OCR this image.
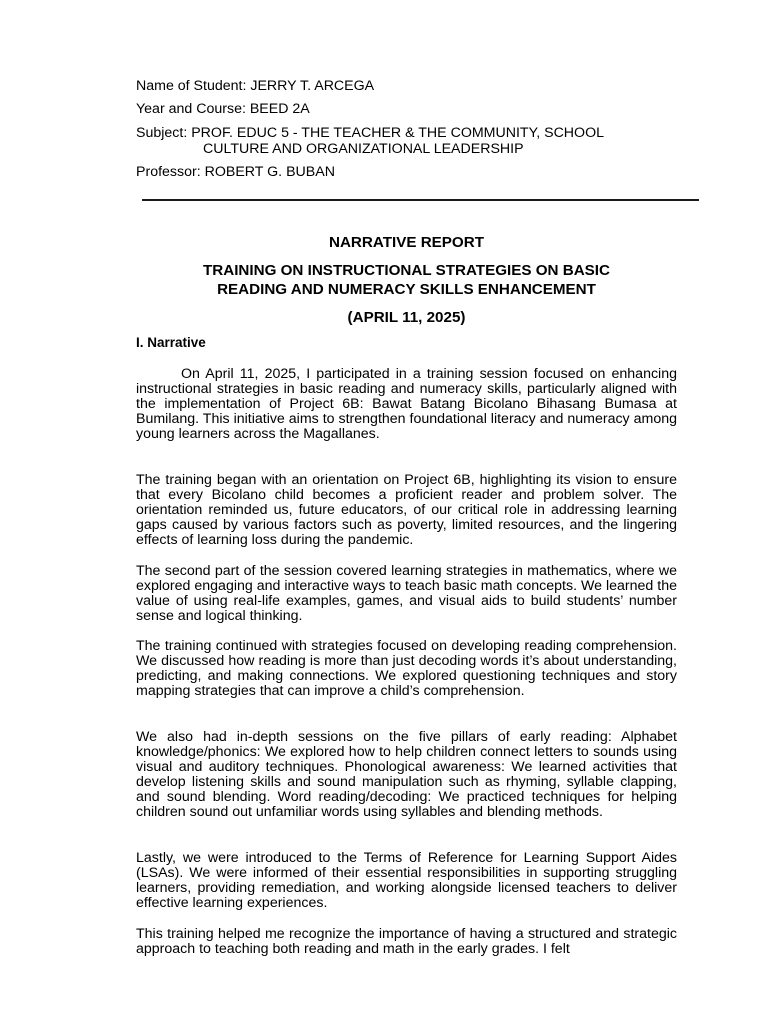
Name of Student: JERRY T. ARCEGA
Year and Course: BEED 2A
Subject: PROF. EDUC 5 - THE TEACHER & THE COMMUNITY, SCHOOL
CULTURE AND ORGANIZATIONAL LEADERSHIP
Professor: ROBERT G. BUBAN
NARRATIVE REPORT
TRAINING ON INSTRUCTIONAL STRATEGIES ON BASIC
READING AND NUMERACY SKILLS ENHANCEMENT
(APRIL 11, 2025)
I. Narrative

On April 11, 2025, I participated in a training session focused on enhancing instructional strategies in basic reading and numeracy skills, particularly aligned with the implementation of Project 6B: Bawat Batang Bicolano Bihasang Bumasa at Bumilang. This initiative aims to strengthen foundational literacy and numeracy among young learners across the Magallanes.

The training began with an orientation on Project 6B, highlighting its vision to ensure that every Bicolano child becomes a proficient reader and problem solver. The orientation reminded us, future educators, of our critical role in addressing learning gaps caused by various factors such as poverty, limited resources, and the lingering effects of learning loss during the pandemic.

The second part of the session covered learning strategies in mathematics, where we explored engaging and interactive ways to teach basic math concepts. We learned the value of using real-life examples, games, and visual aids to build students’ number sense and logical thinking.

The training continued with strategies focused on developing reading comprehension. We discussed how reading is more than just decoding words it’s about understanding, predicting, and making connections. We explored questioning techniques and story mapping strategies that can improve a child’s comprehension.

We also had in-depth sessions on the five pillars of early reading: Alphabet knowledge/phonics: We explored how to help children connect letters to sounds using visual and auditory techniques. Phonological awareness: We learned activities that develop listening skills and sound manipulation such as rhyming, syllable clapping, and sound blending. Word reading/decoding: We practiced techniques for helping children sound out unfamiliar words using syllables and blending methods.

Lastly, we were introduced to the Terms of Reference for Learning Support Aides (LSAs). We were informed of their essential responsibilities in supporting struggling learners, providing remediation, and working alongside licensed teachers to deliver effective learning experiences.

This training helped me recognize the importance of having a structured and strategic approach to teaching both reading and math in the early grades. I felt
